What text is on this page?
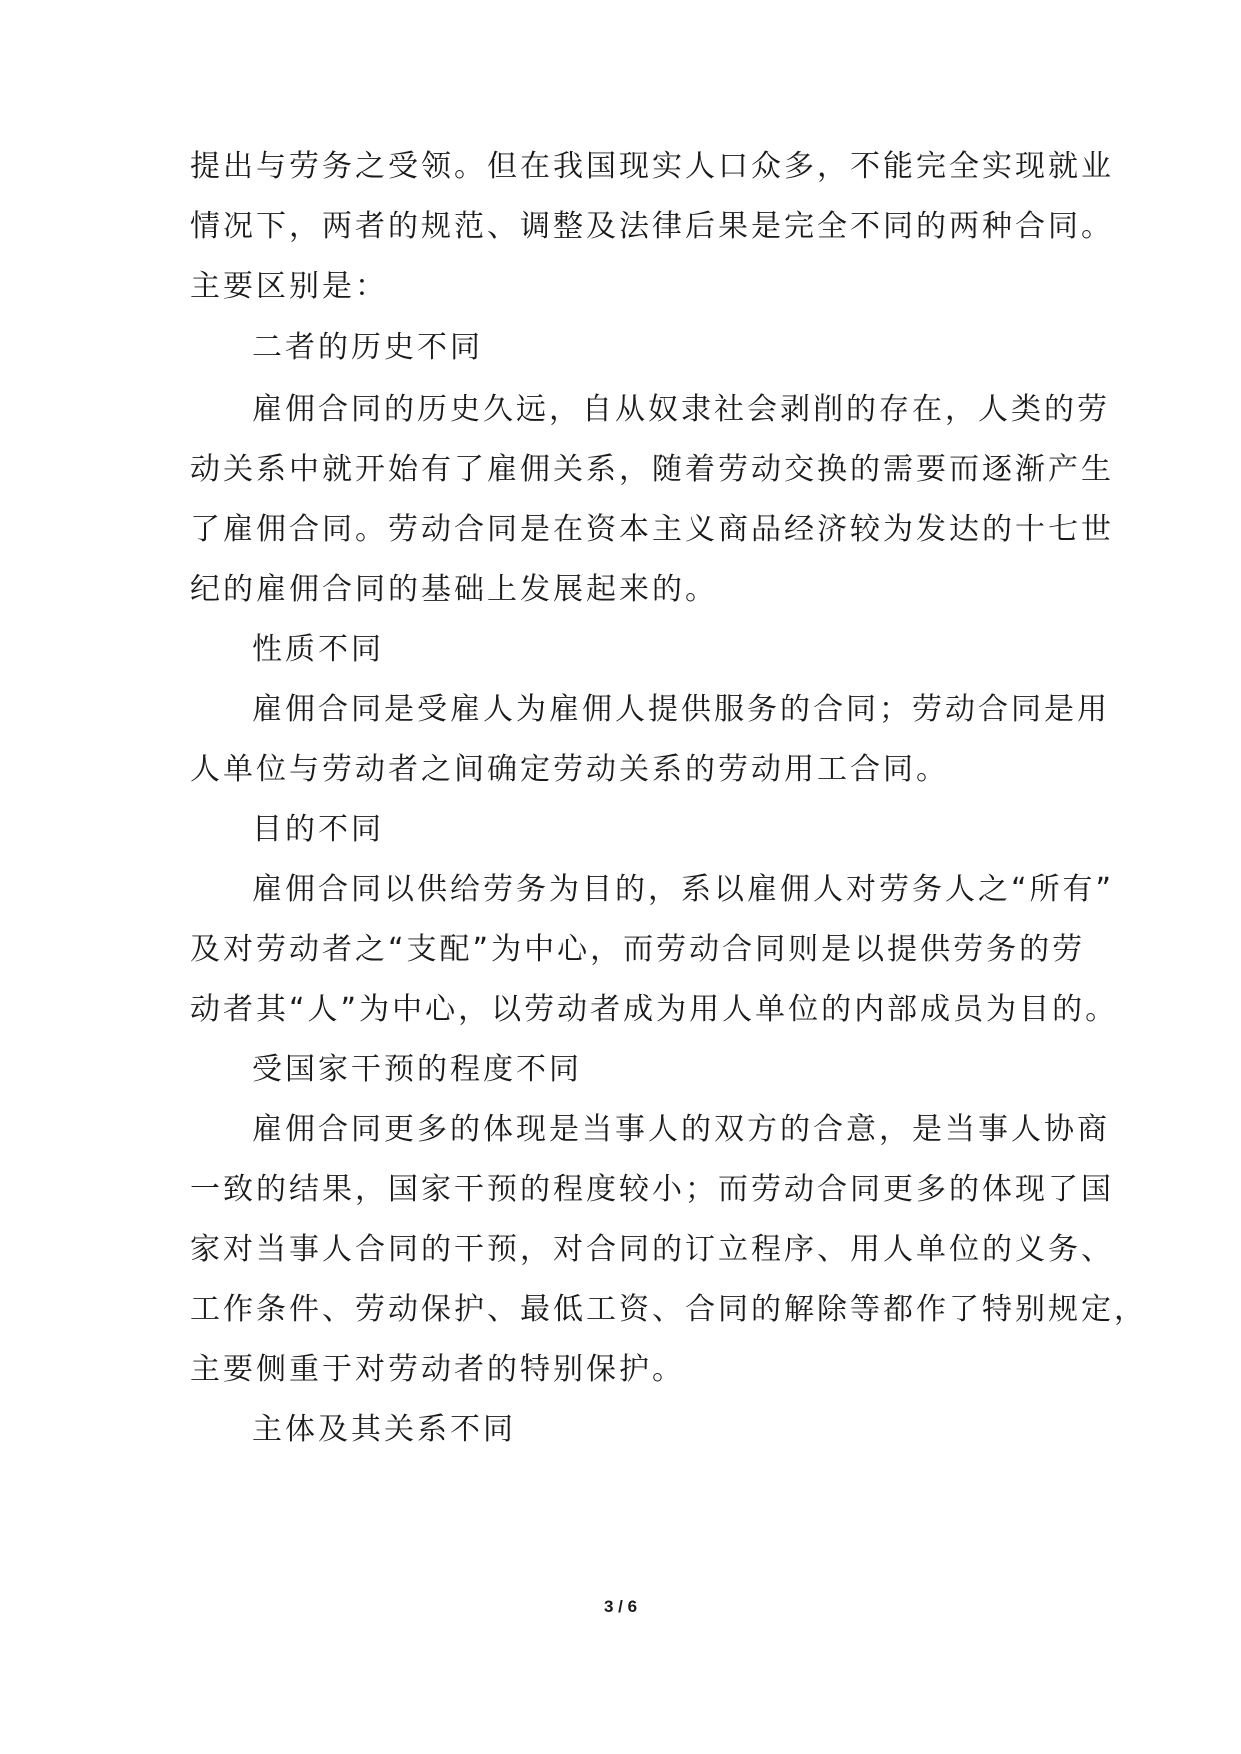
提出与劳务之受领。但在我国现实人口众多，不能完全实现就业
情况下，两者的规范、调整及法律后果是完全不同的两种合同。
主要区别是：
二者的历史不同
雇佣合同的历史久远，自从奴隶社会剥削的存在，人类的劳
动关系中就开始有了雇佣关系，随着劳动交换的需要而逐渐产生
了雇佣合同。劳动合同是在资本主义商品经济较为发达的十七世
纪的雇佣合同的基础上发展起来的。
性质不同
雇佣合同是受雇人为雇佣人提供服务的合同；劳动合同是用
人单位与劳动者之间确定劳动关系的劳动用工合同。
目的不同
雇佣合同以供给劳务为目的，系以雇佣人对劳务人之“所有”
及对劳动者之“支配”为中心，而劳动合同则是以提供劳务的劳
动者其“人”为中心，以劳动者成为用人单位的内部成员为目的。
受国家干预的程度不同
雇佣合同更多的体现是当事人的双方的合意，是当事人协商
一致的结果，国家干预的程度较小；而劳动合同更多的体现了国
家对当事人合同的干预，对合同的订立程序、用人单位的义务、
工作条件、劳动保护、最低工资、合同的解除等都作了特别规定，
主要侧重于对劳动者的特别保护。
主体及其关系不同
3 / 6
